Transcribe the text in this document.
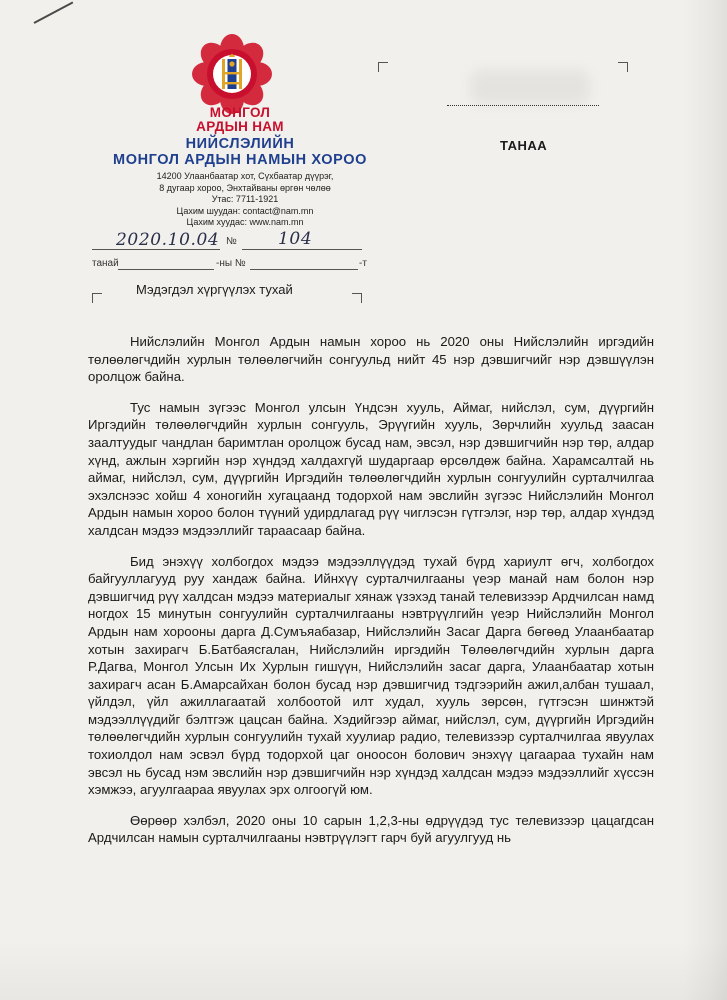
МОНГОЛ
АРДЫН НАМ
НИЙСЛЭЛИЙН
МОНГОЛ АРДЫН НАМЫН ХОРОО
14200 Улаанбаатар хот, Сүхбаатар дүүрэг,
8 дугаар хороо, Энхтайваны өргөн чөлөө
Утас: 7711-1921
Цахим шуудан: contact@nam.mn
Цахим хуудас: www.nam.mn
ТАНАА
2020.10.04 № 104
танай	-ны №	-т
Мэдэгдэл хүргүүлэх тухай

Нийслэлийн Монгол Ардын намын хороо нь 2020 оны Нийслэлийн иргэдийн төлөөлөгчдийн хурлын төлөөлөгчийн сонгуульд нийт 45 нэр дэвшигчийг нэр дэвшүүлэн оролцож байна.

Тус намын зүгээс Монгол улсын Үндсэн хууль, Аймаг, нийслэл, сум, дүүргийн Иргэдийн төлөөлөгчдийн хурлын сонгууль, Эрүүгийн хууль, Зөрчлийн хуульд заасан заалтуудыг чандлан баримтлан оролцож бусад нам, эвсэл, нэр дэвшигчийн нэр төр, алдар хүнд, ажлын хэргийн нэр хүндэд халдахгүй шударгаар өрсөлдөж байна. Харамсалтай нь аймаг, нийслэл, сум, дүүргийн Иргэдийн төлөөлөгчдийн хурлын сонгуулийн сурталчилгаа эхэлснээс хойш 4 хоногийн хугацаанд тодорхой нам эвслийн зүгээс Нийслэлийн Монгол Ардын намын хороо болон түүний удирдлагад рүү чиглэсэн гүтгэлэг, нэр төр, алдар хүндэд халдсан мэдээ мэдээллийг тараасаар байна.

Бид энэхүү холбогдох мэдээ мэдээллүүдэд тухай бүрд хариулт өгч, холбогдох байгууллагууд руу хандаж байна. Ийнхүү сурталчилгааны үеэр манай нам болон нэр дэвшигчид рүү халдсан мэдээ материалыг хянаж үзэхэд танай телевизээр Ардчилсан намд ногдох 15 минутын сонгуулийн сурталчилгааны нэвтрүүлгийн үеэр Нийслэлийн Монгол Ардын нам хорооны дарга Д.Сумъяабазар, Нийслэлийн Засаг Дарга бөгөөд Улаанбаатар хотын захирагч Б.Батбаясгалан, Нийслэлийн иргэдийн Төлөөлөгчдийн хурлын дарга Р.Дагва, Монгол Улсын Их Хурлын гишүүн, Нийслэлийн засаг дарга, Улаанбаатар хотын захирагч асан Б.Амарсайхан болон бусад нэр дэвшигчид тэдгээрийн ажил,албан тушаал, үйлдэл, үйл ажиллагаатай холбоотой илт худал, хууль зөрсөн, гүтгэсэн шинжтэй мэдээллүүдийг бэлтгэж цацсан байна. Хэдийгээр аймаг, нийслэл, сум, дүүргийн Иргэдийн төлөөлөгчдийн хурлын сонгуулийн тухай хуулиар радио, телевизээр сурталчилгаа явуулах тохиолдол нам эсвэл бүрд тодорхой цаг оноосон болович энэхүү цагаараа тухайн нам эвсэл нь бусад нэм эвслийн нэр дэвшигчийн нэр хүндэд халдсан мэдээ мэдээллийг хүссэн хэмжээ, агуулгаараа явуулах эрх олгоогүй юм.

Өөрөөр хэлбэл, 2020 оны 10 сарын 1,2,3-ны өдрүүдэд тус телевизээр цацагдсан Ардчилсан намын сурталчилгааны нэвтрүүлэгт гарч буй агуулгууд нь
